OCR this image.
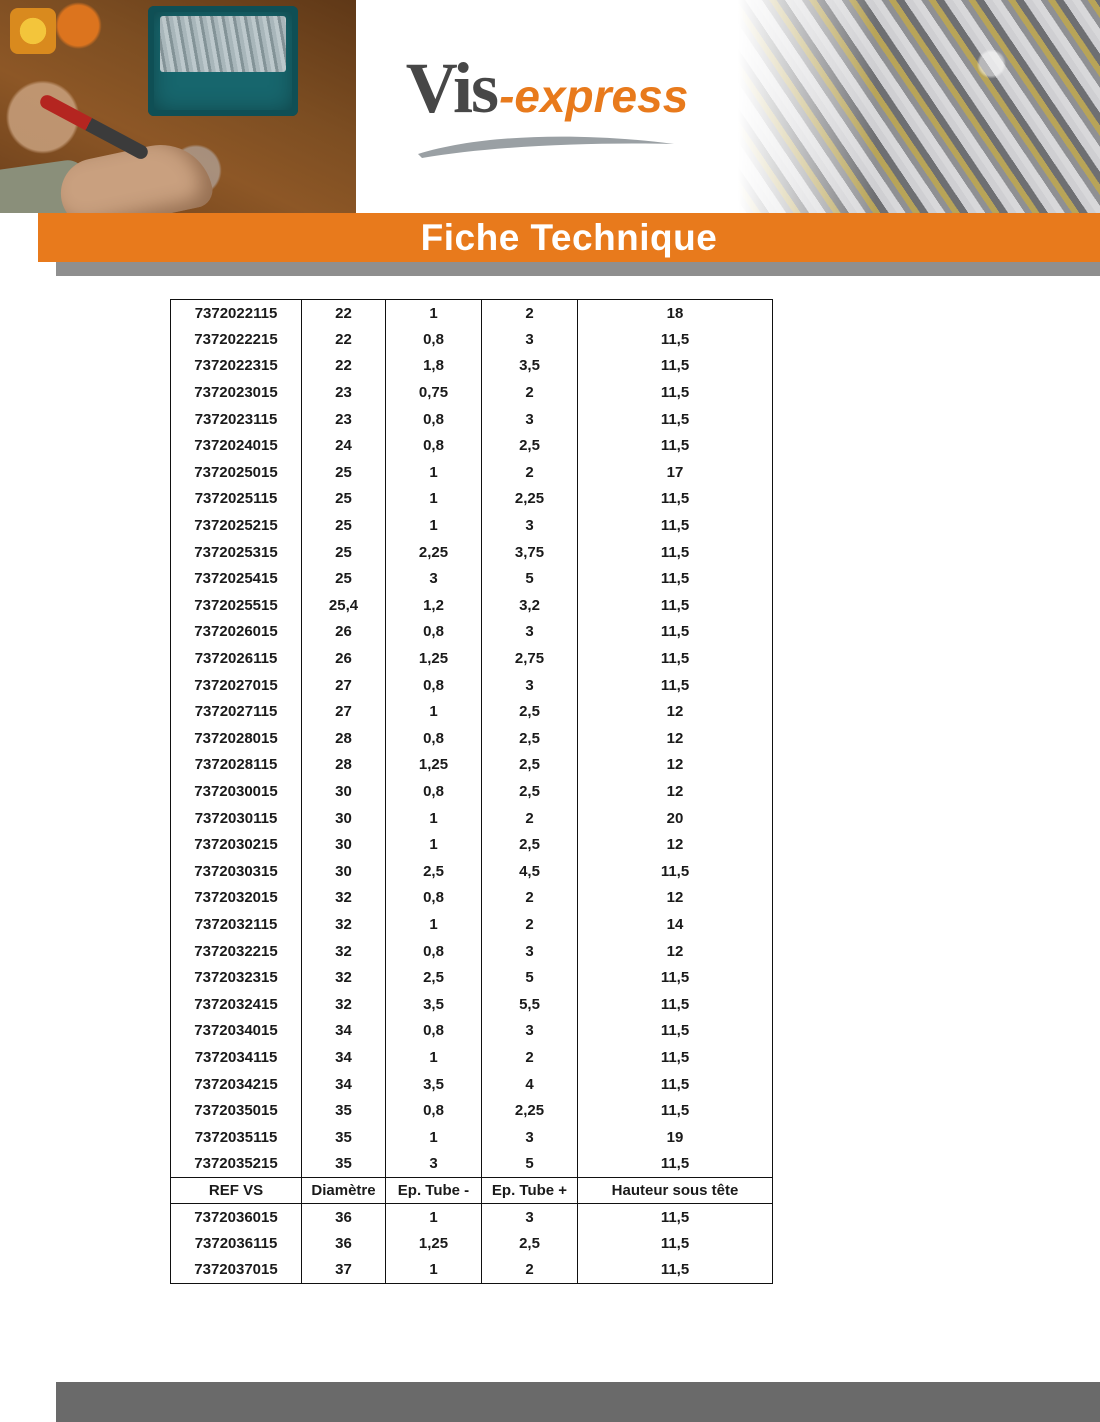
Vis -express
Fiche Technique
7372022115	22	1	2	18
7372022215	22	0,8	3	11,5
7372022315	22	1,8	3,5	11,5
7372023015	23	0,75	2	11,5
7372023115	23	0,8	3	11,5
7372024015	24	0,8	2,5	11,5
7372025015	25	1	2	17
7372025115	25	1	2,25	11,5
7372025215	25	1	3	11,5
7372025315	25	2,25	3,75	11,5
7372025415	25	3	5	11,5
7372025515	25,4	1,2	3,2	11,5
7372026015	26	0,8	3	11,5
7372026115	26	1,25	2,75	11,5
7372027015	27	0,8	3	11,5
7372027115	27	1	2,5	12
7372028015	28	0,8	2,5	12
7372028115	28	1,25	2,5	12
7372030015	30	0,8	2,5	12
7372030115	30	1	2	20
7372030215	30	1	2,5	12
7372030315	30	2,5	4,5	11,5
7372032015	32	0,8	2	12
7372032115	32	1	2	14
7372032215	32	0,8	3	12
7372032315	32	2,5	5	11,5
7372032415	32	3,5	5,5	11,5
7372034015	34	0,8	3	11,5
7372034115	34	1	2	11,5
7372034215	34	3,5	4	11,5
7372035015	35	0,8	2,25	11,5
7372035115	35	1	3	19
7372035215	35	3	5	11,5
REF VS	Diamètre	Ep. Tube -	Ep. Tube +	Hauteur sous tête
7372036015	36	1	3	11,5
7372036115	36	1,25	2,5	11,5
7372037015	37	1	2	11,5
